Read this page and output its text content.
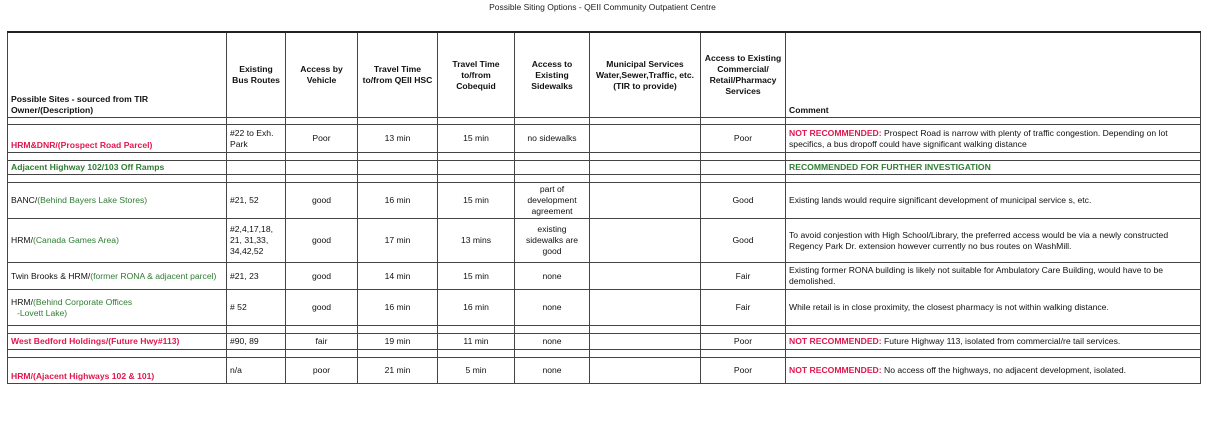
Possible Siting Options - QEII Community Outpatient Centre
Possible Sites - sourced from TIR Owner/(Description)	Existing Bus Routes	Access by Vehicle	Travel Time to/from QEII HSC	Travel Time to/from Cobequid	Access to Existing Sidewalks	Municipal Services Water,Sewer,Traffic, etc. (TIR to provide)	Access to Existing Commercial/ Retail/Pharmacy Services	Comment

HRM&DNR/(Prospect Road Parcel)	#22 to Exh. Park	Poor	13 min	15 min	no sidewalks		Poor	NOT RECOMMENDED: Prospect Road is narrow with plenty of traffic congestion. Depending on lot specifics, a bus dropoff could have significant walking distance

Adjacent Highway 102/103 Off Ramps								RECOMMENDED FOR FURTHER INVESTIGATION

BANC/(Behind Bayers Lake Stores)	#21, 52	good	16 min	15 min	part of development agreement		Good	Existing lands would require significant development of municipal service s, etc.
HRM/(Canada Games Area)	#2,4,17,18, 21, 31,33, 34,42,52	good	17 min	13 mins	existing sidewalks are good		Good	To avoid conjestion with High School/Library, the preferred access would be via a newly constructed Regency Park Dr. extension however currently no bus routes on WashMill.
Twin Brooks & HRM/(former RONA & adjacent parcel)	#21, 23	good	14 min	15 min	none		Fair	Existing former RONA building is likely not suitable for Ambulatory Care Building, would have to be demolished.
HRM/(Behind Corporate Offices
-Lovett Lake)	# 52	good	16 min	16 min	none		Fair	While retail is in close proximity, the closest pharmacy is not within walking distance.

West Bedford Holdings/(Future Hwy#113)	#90, 89	fair	19 min	11 min	none		Poor	NOT RECOMMENDED: Future Highway 113, isolated from commercial/re tail services.

HRM/(Ajacent Highways 102 & 101)	n/a	poor	21 min	5 min	none		Poor	NOT RECOMMENDED: No access off the highways, no adjacent development, isolated.
